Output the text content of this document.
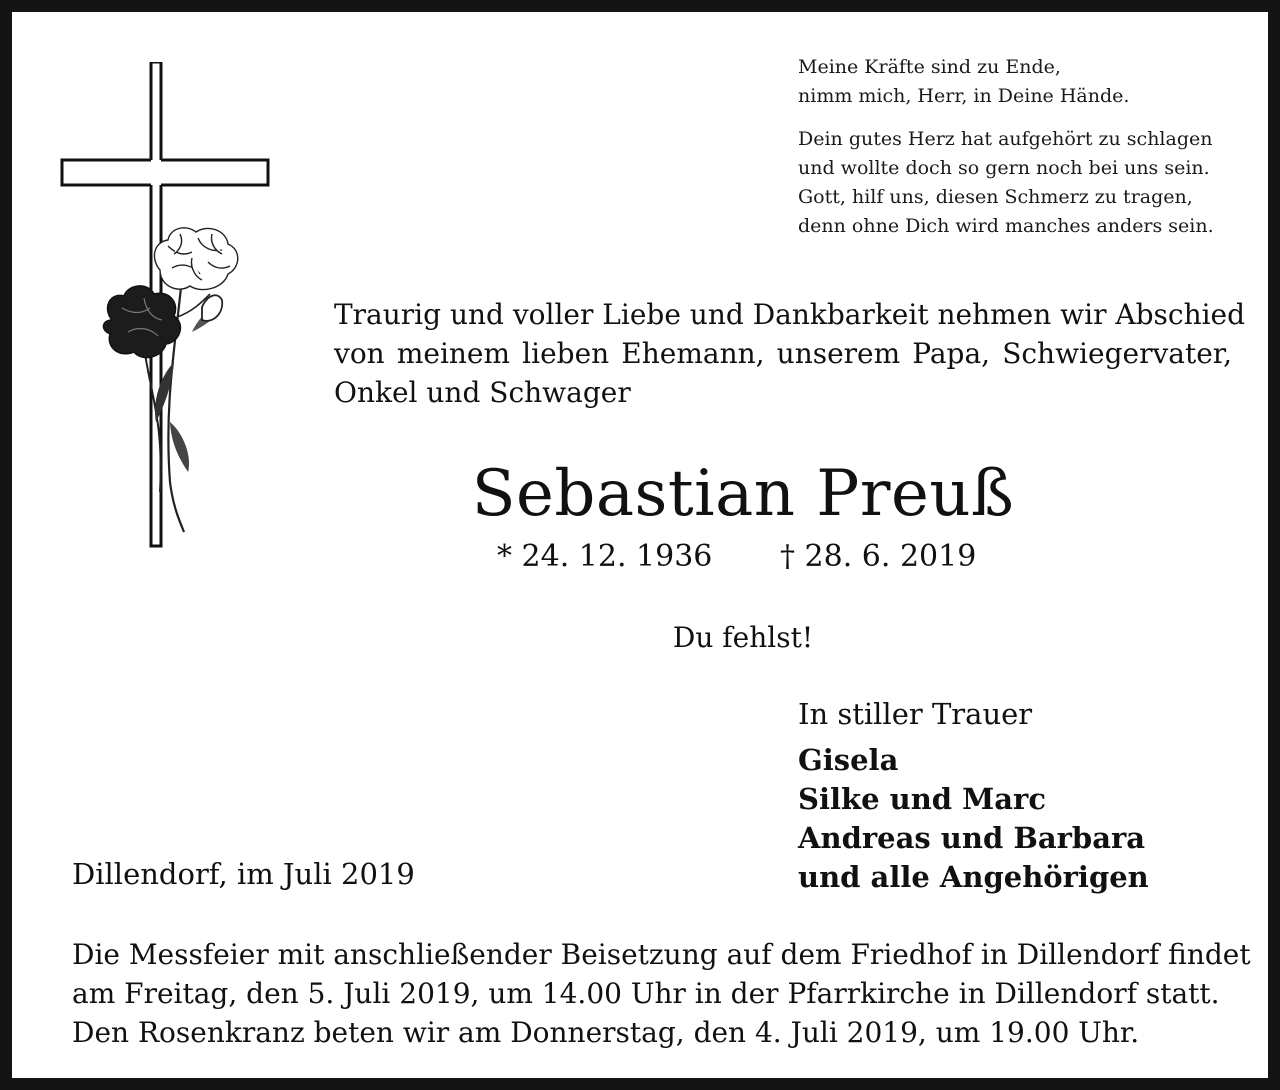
Meine Kräfte sind zu Ende,
nimm mich, Herr, in Deine Hände.
Dein gutes Herz hat aufgehört zu schlagen
und wollte doch so gern noch bei uns sein.
Gott, hilf uns, diesen Schmerz zu tragen,
denn ohne Dich wird manches anders sein.
Traurig und voller Liebe und Dankbarkeit nehmen wir Abschied
von meinem lieben Ehemann, unserem Papa, Schwiegervater,
Onkel und Schwager
Sebastian Preuß
* 24. 12. 1936 † 28. 6. 2019
Du fehlst!
In stiller Trauer
Gisela
Silke und Marc
Andreas und Barbara
und alle Angehörigen
Dillendorf, im Juli 2019
Die Messfeier mit anschließender Beisetzung auf dem Friedhof in Dillendorf findet
am Freitag, den 5. Juli 2019, um 14.00 Uhr in der Pfarrkirche in Dillendorf statt.
Den Rosenkranz beten wir am Donnerstag, den 4. Juli 2019, um 19.00 Uhr.
